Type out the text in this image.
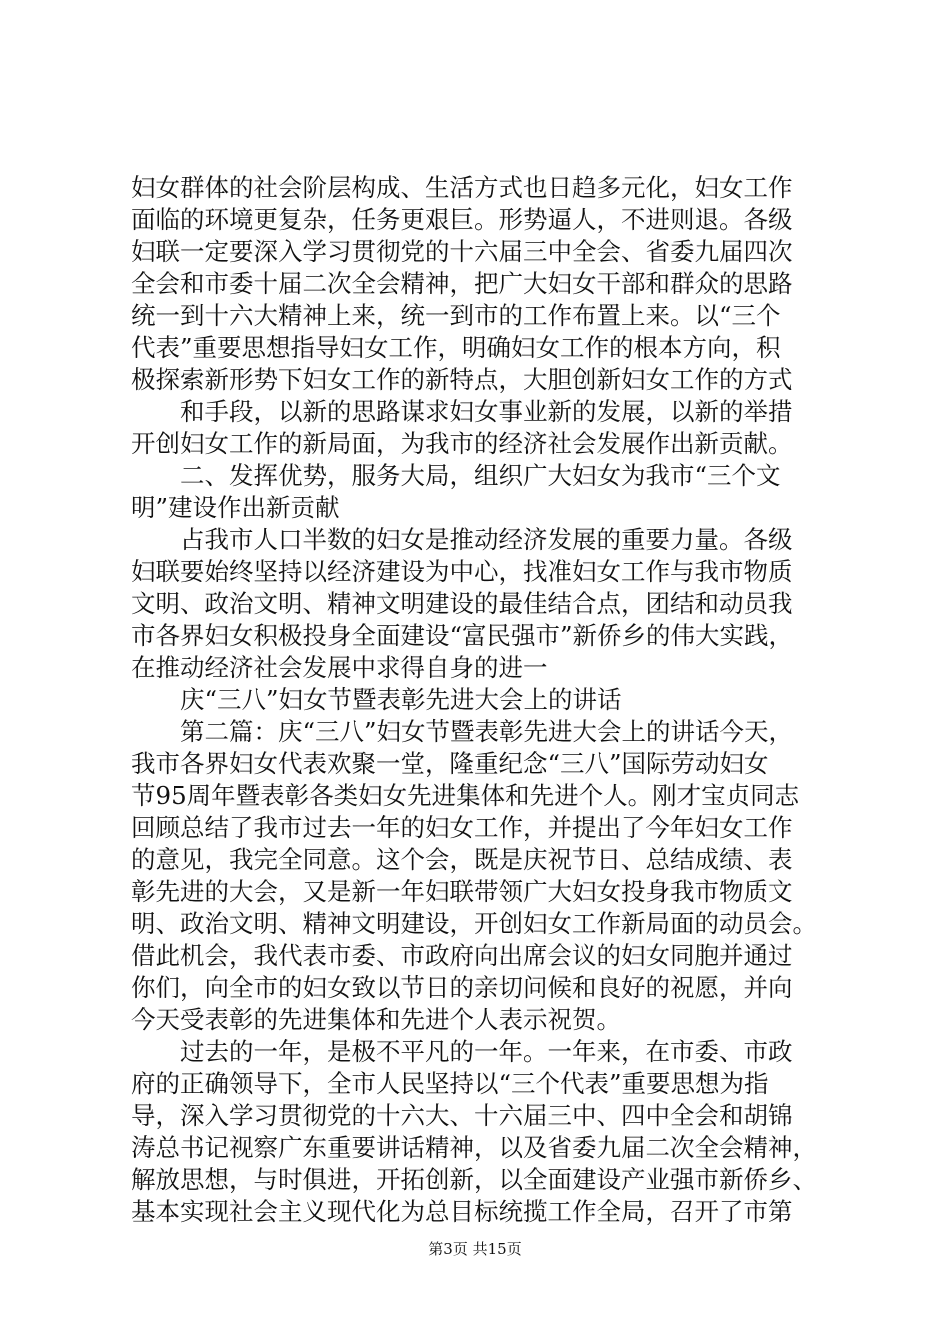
妇女群体的社会阶层构成、生活方式也日趋多元化，妇女工作
面临的环境更复杂，任务更艰巨。形势逼人，不进则退。各级
妇联一定要深入学习贯彻党的十六届三中全会、省委九届四次
全会和市委十届二次全会精神，把广大妇女干部和群众的思路
统一到十六大精神上来，统一到市的工作布置上来。以“三个
代表”重要思想指导妇女工作，明确妇女工作的根本方向，积
极探索新形势下妇女工作的新特点，大胆创新妇女工作的方式
　　和手段，以新的思路谋求妇女事业新的发展，以新的举措
开创妇女工作的新局面，为我市的经济社会发展作出新贡献。
　　二、发挥优势，服务大局，组织广大妇女为我市“三个文
明”建设作出新贡献
　　占我市人口半数的妇女是推动经济发展的重要力量。各级
妇联要始终坚持以经济建设为中心，找准妇女工作与我市物质
文明、政治文明、精神文明建设的最佳结合点，团结和动员我
市各界妇女积极投身全面建设“富民强市”新侨乡的伟大实践，
在推动经济社会发展中求得自身的进一
　　庆“三八”妇女节暨表彰先进大会上的讲话
　　第二篇：庆“三八”妇女节暨表彰先进大会上的讲话今天，
我市各界妇女代表欢聚一堂，隆重纪念“三八”国际劳动妇女
节95周年暨表彰各类妇女先进集体和先进个人。刚才宝贞同志
回顾总结了我市过去一年的妇女工作，并提出了今年妇女工作
的意见，我完全同意。这个会，既是庆祝节日、总结成绩、表
彰先进的大会，又是新一年妇联带领广大妇女投身我市物质文
明、政治文明、精神文明建设，开创妇女工作新局面的动员会。
借此机会，我代表市委、市政府向出席会议的妇女同胞并通过
你们，向全市的妇女致以节日的亲切问候和良好的祝愿，并向
今天受表彰的先进集体和先进个人表示祝贺。
　　过去的一年，是极不平凡的一年。一年来，在市委、市政
府的正确领导下，全市人民坚持以“三个代表”重要思想为指
导，深入学习贯彻党的十六大、十六届三中、四中全会和胡锦
涛总书记视察广东重要讲话精神，以及省委九届二次全会精神，
解放思想，与时俱进，开拓创新，以全面建设产业强市新侨乡、
基本实现社会主义现代化为总目标统揽工作全局，召开了市第
第3页 共15页
